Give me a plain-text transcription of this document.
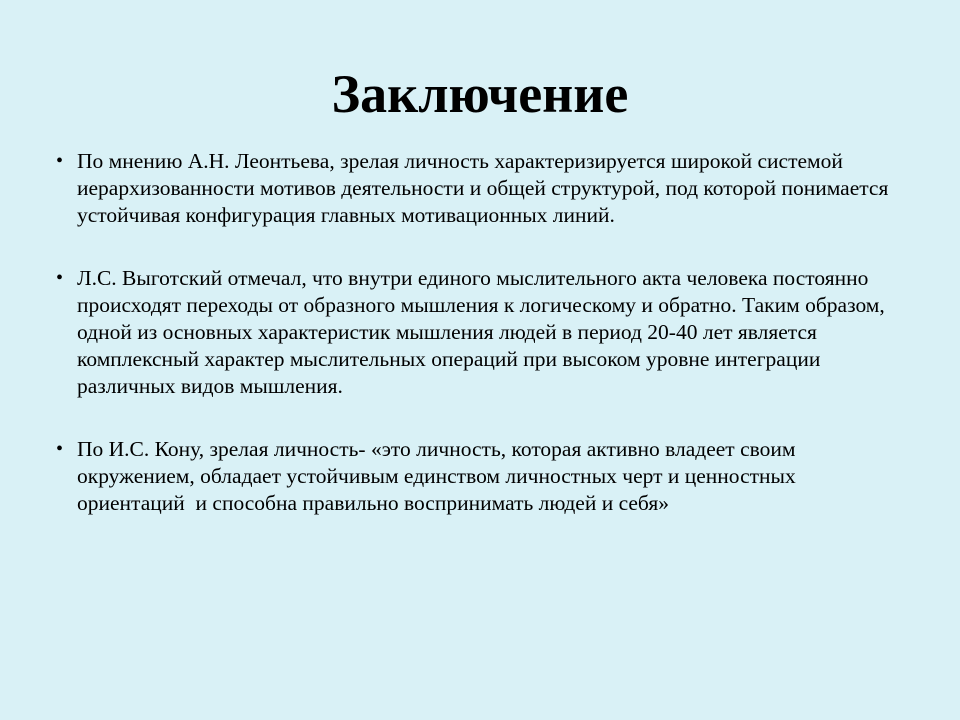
Заключение
• По мнению А.Н. Леонтьева, зрелая личность характеризируется широкой системой иерархизованности мотивов деятельности и общей структурой, под которой понимается устойчивая конфигурация главных мотивационных линий.
• Л.С. Выготский отмечал, что внутри единого мыслительного акта человека постоянно происходят переходы от образного мышления к логическому и обратно. Таким образом, одной из основных характеристик мышления людей в период 20-40 лет является комплексный характер мыслительных операций при высоком уровне интеграции различных видов мышления.
• По И.С. Кону, зрелая личность- «это личность, которая активно владеет своим окружением, обладает устойчивым единством личностных черт и ценностных ориентаций  и способна правильно воспринимать людей и себя»
